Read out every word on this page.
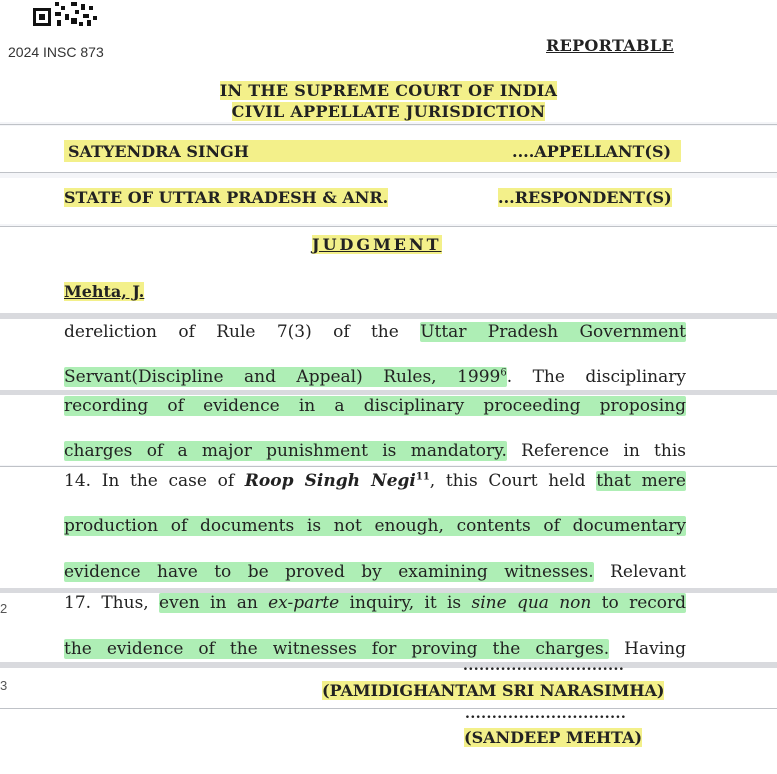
2024 INSC 873	REPORTABLE
IN THE SUPREME COURT OF INDIA
CIVIL APPELLATE JURISDICTION
SATYENDRA SINGH	....APPELLANT(S)
STATE OF UTTAR PRADESH & ANR.	...RESPONDENT(S)
JUDGMENT
Mehta, J.
dereliction of Rule 7(3) of the Uttar Pradesh Government
Servant(Discipline and Appeal) Rules, 1999$^6$. The disciplinary
recording of evidence in a disciplinary proceeding proposing
charges of a major punishment is mandatory. Reference in this
14. In the case of Roop Singh Negi$^{11}$, this Court held that mere
production of documents is not enough, contents of documentary
evidence have to be proved by examining witnesses. Relevant
2	17. Thus, even in an ex-parte inquiry, it is sine qua non to record
the evidence of the witnesses for proving the charges. Having
3
..............................
(PAMIDIGHANTAM SRI NARASIMHA)
..............................
(SANDEEP MEHTA)
